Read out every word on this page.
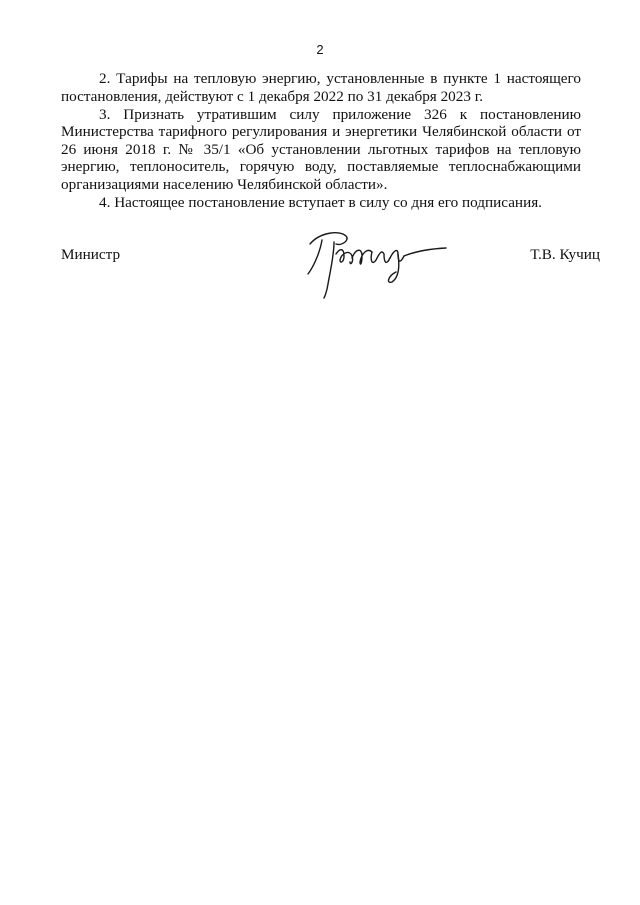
2

2. Тарифы на тепловую энергию, установленные в пункте 1 настоящего постановления, действуют с 1 декабря 2022 по 31 декабря 2023 г.

3. Признать утратившим силу приложение 326 к постановлению Министерства тарифного регулирования и энергетики Челябинской области от 26 июня 2018 г. № 35/1 «Об установлении льготных тарифов на тепловую энергию, теплоноситель, горячую воду, поставляемые теплоснабжающими организациями населению Челябинской области».

4. Настоящее постановление вступает в силу со дня его подписания.

Министр	Т.В. Кучиц
